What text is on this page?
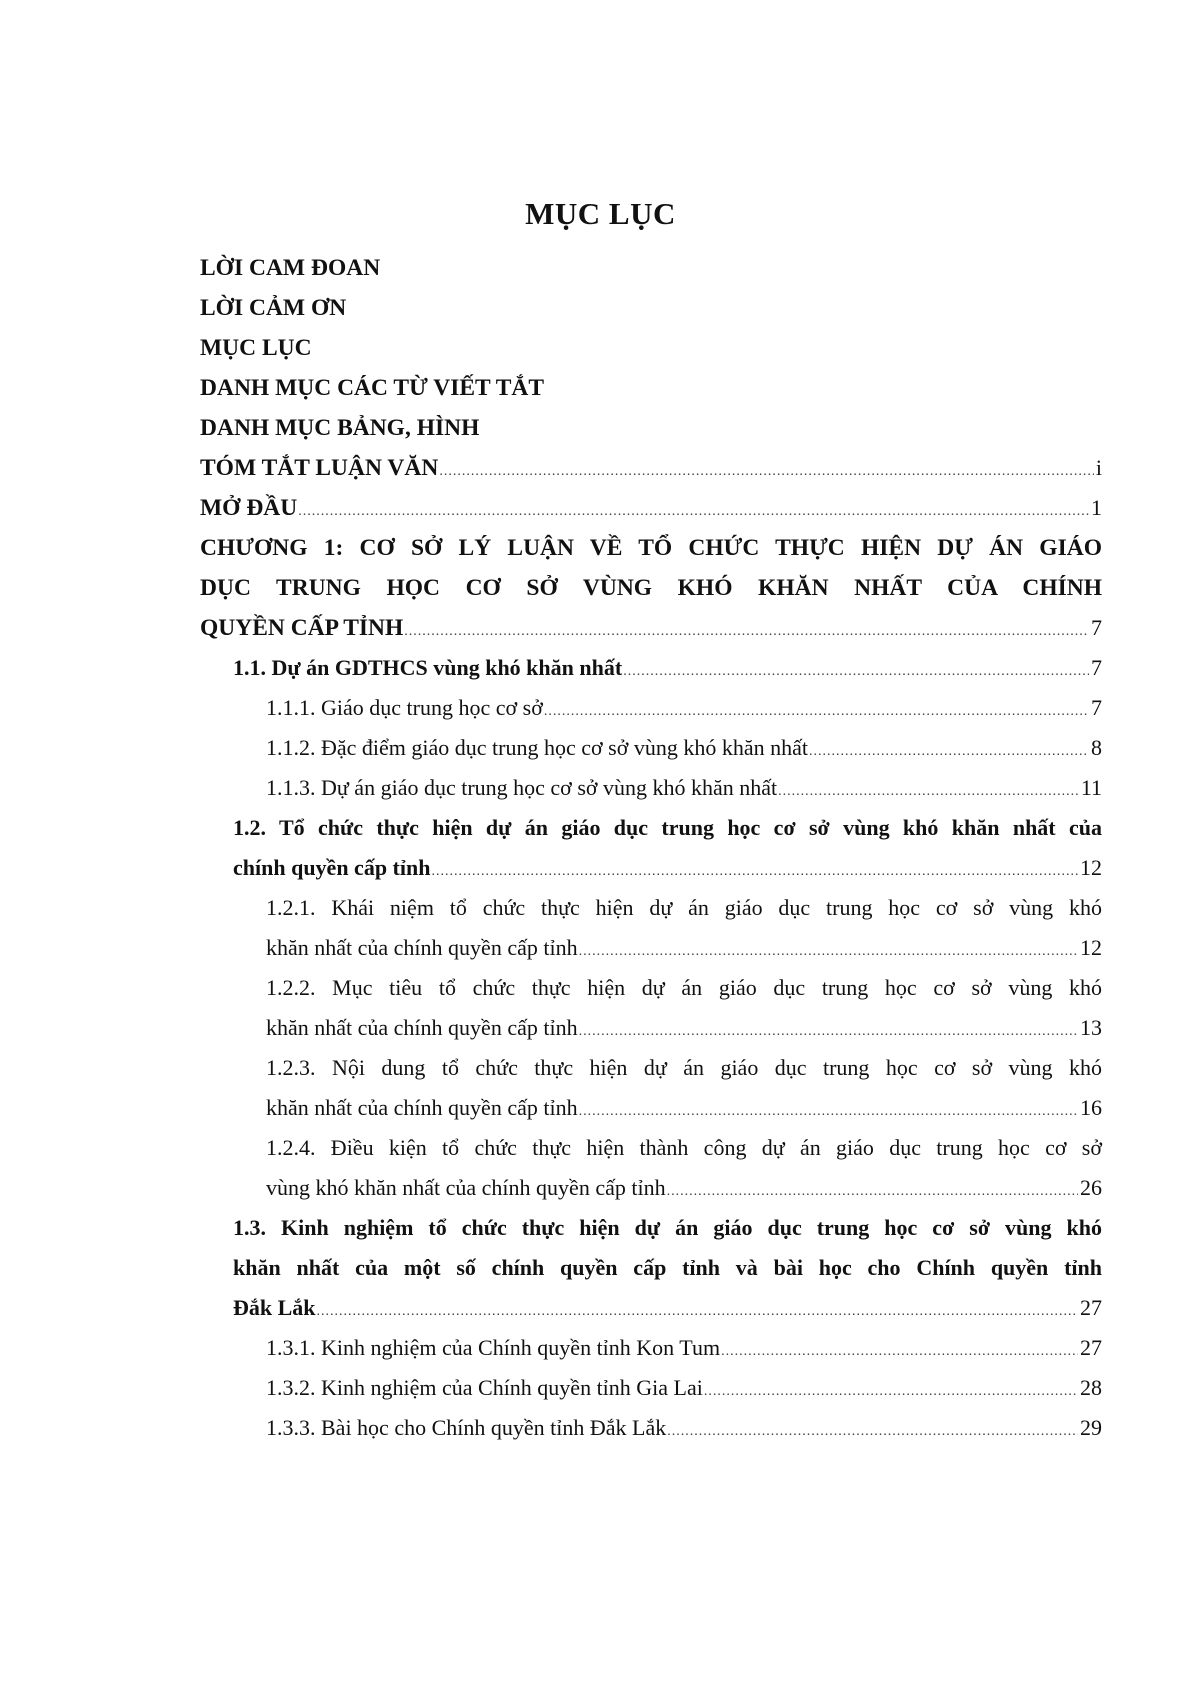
MỤC LỤC
LỜI CAM ĐOAN
LỜI CẢM ƠN
MỤC LỤC
DANH MỤC CÁC TỪ VIẾT TẮT
DANH MỤC BẢNG, HÌNH
TÓM TẮT LUẬN VĂN .....	i
MỞ ĐẦU .....	1
CHƯƠNG 1: CƠ SỞ LÝ LUẬN VỀ TỔ CHỨC THỰC HIỆN DỰ ÁN GIÁO
DỤC TRUNG HỌC CƠ SỞ VÙNG KHÓ KHĂN NHẤT CỦA CHÍNH
QUYỀN CẤP TỈNH .....	7
1.1. Dự án GDTHCS vùng khó khăn nhất .....	7
1.1.1. Giáo dục trung học cơ sở .....	7
1.1.2. Đặc điểm giáo dục trung học cơ sở vùng khó khăn nhất .....	8
1.1.3. Dự án giáo dục trung học cơ sở vùng khó khăn nhất .....	11
1.2. Tổ chức thực hiện dự án giáo dục trung học cơ sở vùng khó khăn nhất của
chính quyền cấp tỉnh .....	12
1.2.1. Khái niệm tổ chức thực hiện dự án giáo dục trung học cơ sở vùng khó
khăn nhất của chính quyền cấp tỉnh .....	12
1.2.2. Mục tiêu tổ chức thực hiện dự án giáo dục trung học cơ sở vùng khó
khăn nhất của chính quyền cấp tỉnh .....	13
1.2.3. Nội dung tổ chức thực hiện dự án giáo dục trung học cơ sở vùng khó
khăn nhất của chính quyền cấp tỉnh .....	16
1.2.4. Điều kiện tổ chức thực hiện thành công dự án giáo dục trung học cơ sở
vùng khó khăn nhất của chính quyền cấp tỉnh .....	26
1.3. Kinh nghiệm tổ chức thực hiện dự án giáo dục trung học cơ sở vùng khó
khăn nhất của một số chính quyền cấp tỉnh và bài học cho Chính quyền tỉnh
Đắk Lắk .....	27
1.3.1. Kinh nghiệm của Chính quyền tỉnh Kon Tum .....	27
1.3.2. Kinh nghiệm của Chính quyền tỉnh Gia Lai .....	28
1.3.3. Bài học cho Chính quyền tỉnh Đắk Lắk .....	29
